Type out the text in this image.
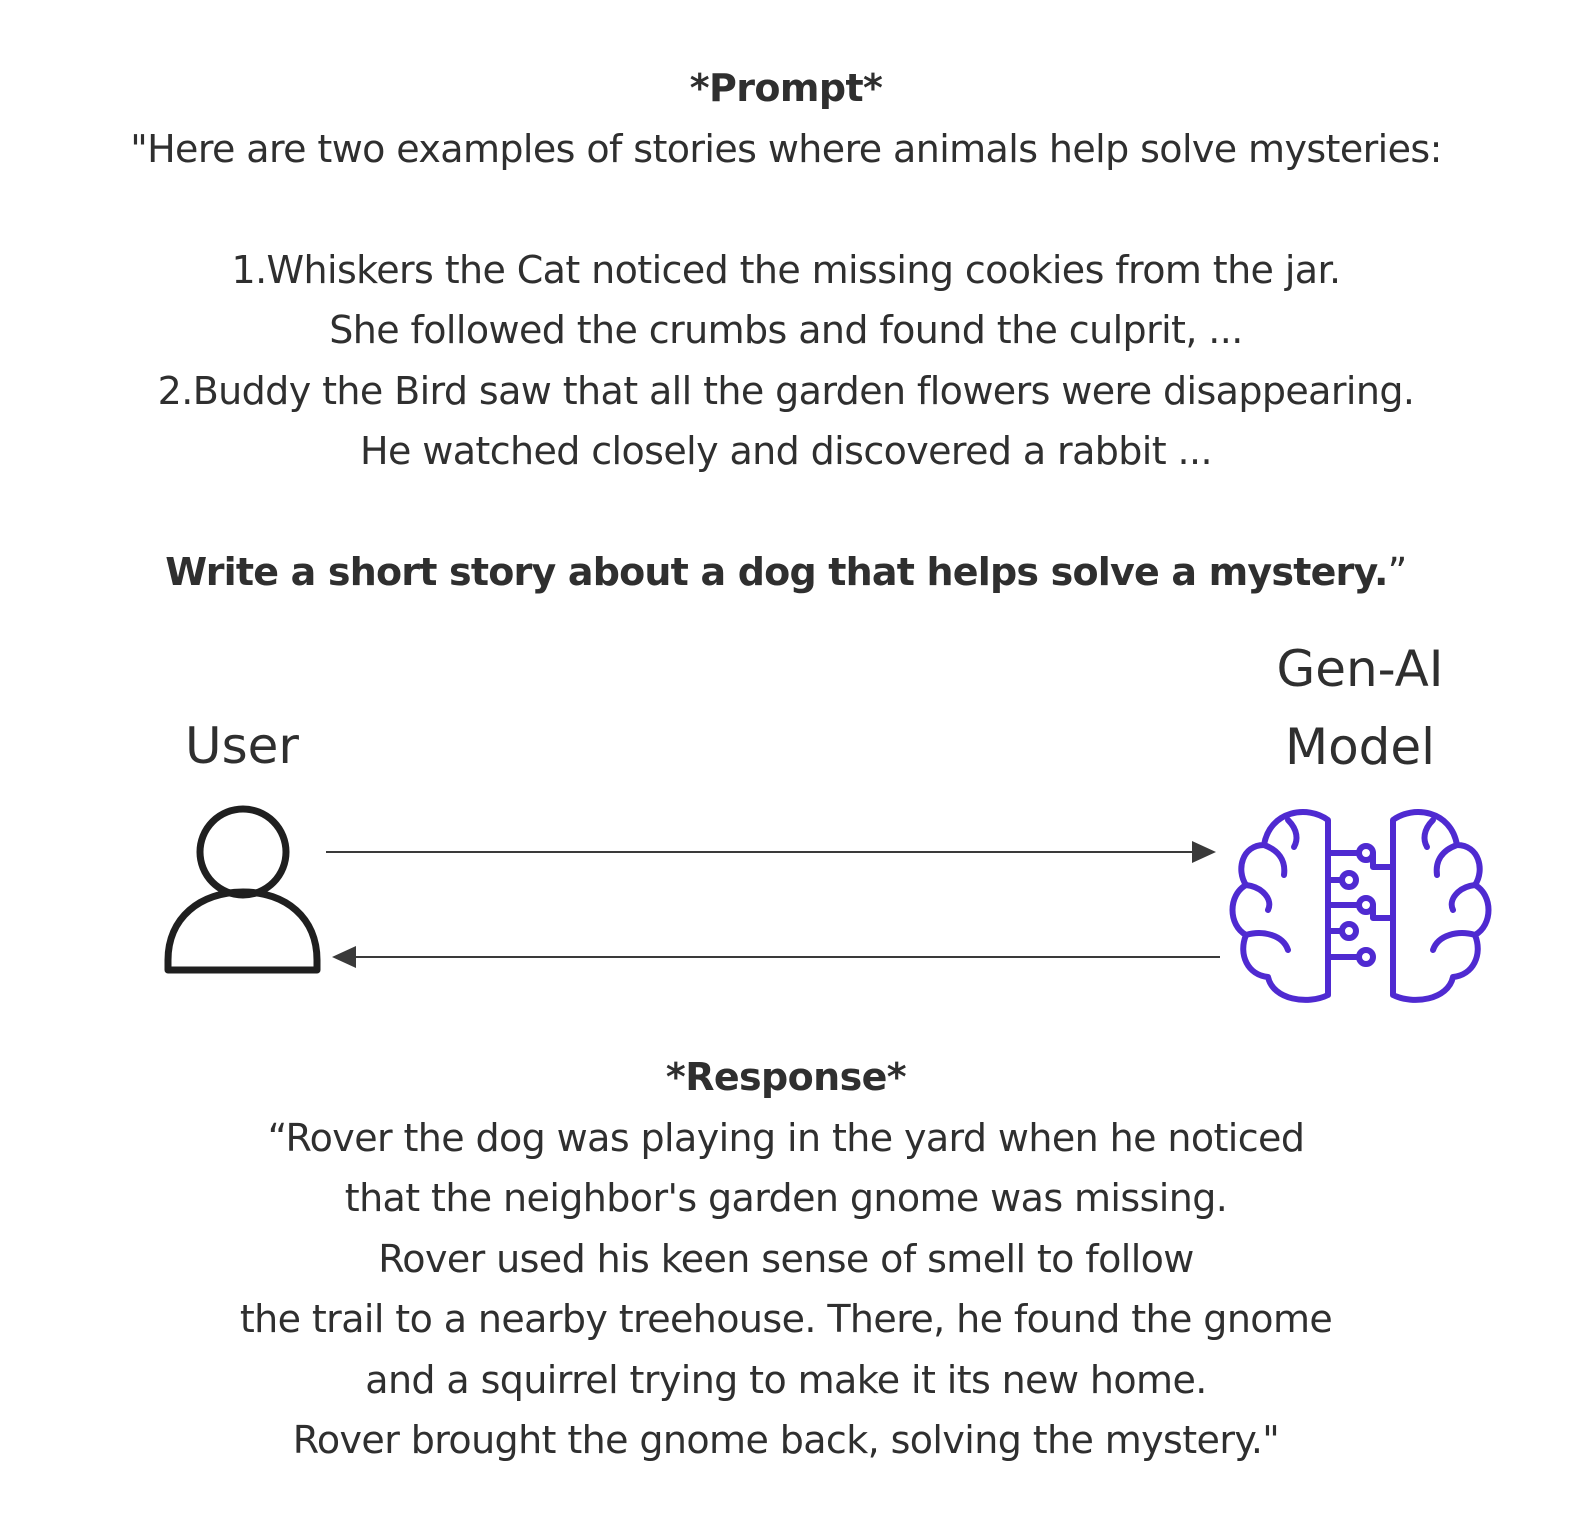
*Prompt*
"Here are two examples of stories where animals help solve mysteries:
1.Whiskers the Cat noticed the missing cookies from the jar.
She followed the crumbs and found the culprit, ...
2.Buddy the Bird saw that all the garden flowers were disappearing.
He watched closely and discovered a rabbit ...
Write a short story about a dog that helps solve a mystery.”
User
Gen-AI
Model
*Response*
“Rover the dog was playing in the yard when he noticed
that the neighbor's garden gnome was missing.
Rover used his keen sense of smell to follow
the trail to a nearby treehouse. There, he found the gnome
and a squirrel trying to make it its new home.
Rover brought the gnome back, solving the mystery."
